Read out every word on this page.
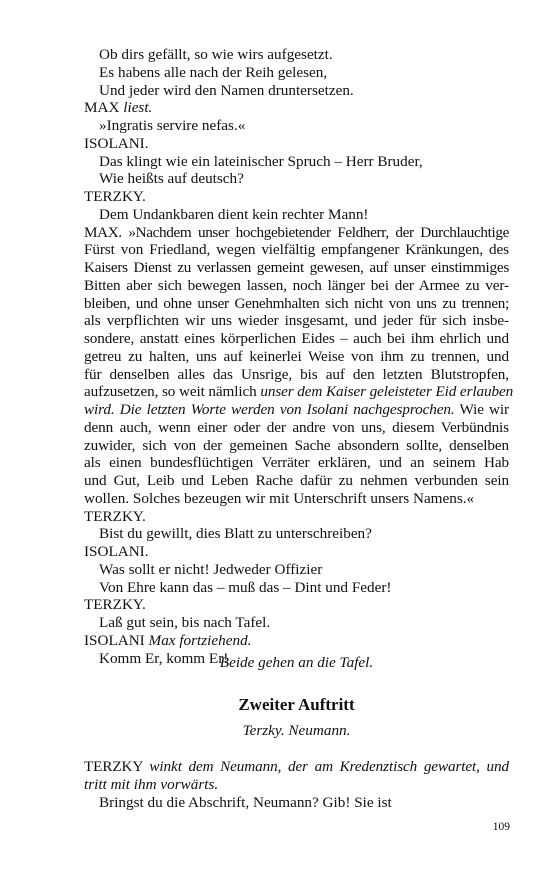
Ob dirs gefällt, so wie wirs aufgesetzt.
Es habens alle nach der Reih gelesen,
Und jeder wird den Namen druntersetzen.
MAX liest.
»Ingratis servire nefas.«
ISOLANI.
Das klingt wie ein lateinischer Spruch – Herr Bruder,
Wie heißts auf deutsch?
TERZKY.
Dem Undankbaren dient kein rechter Mann!
MAX. »Nachdem unser hochgebietender Feldherr, der Durchlauchtige
Fürst von Friedland, wegen vielfältig empfangener Kränkungen, des
Kaisers Dienst zu verlassen gemeint gewesen, auf unser einstimmiges
Bitten aber sich bewegen lassen, noch länger bei der Armee zu ver-
bleiben, und ohne unser Genehmhalten sich nicht von uns zu trennen;
als verpflichten wir uns wieder insgesamt, und jeder für sich insbe-
sondere, anstatt eines körperlichen Eides – auch bei ihm ehrlich und
getreu zu halten, uns auf keinerlei Weise von ihm zu trennen, und
für denselben alles das Unsrige, bis auf den letzten Blutstropfen,
aufzusetzen, so weit nämlich unser dem Kaiser geleisteter Eid erlauben
wird. Die letzten Worte werden von Isolani nachgesprochen. Wie wir
denn auch, wenn einer oder der andre von uns, diesem Verbündnis
zuwider, sich von der gemeinen Sache absondern sollte, denselben
als einen bundesflüchtigen Verräter erklären, und an seinem Hab
und Gut, Leib und Leben Rache dafür zu nehmen verbunden sein
wollen. Solches bezeugen wir mit Unterschrift unsers Namens.«
TERZKY.
Bist du gewillt, dies Blatt zu unterschreiben?
ISOLANI.
Was sollt er nicht! Jedweder Offizier
Von Ehre kann das – muß das – Dint und Feder!
TERZKY.
Laß gut sein, bis nach Tafel.
ISOLANI Max fortziehend.
Komm Er, komm Er!
Beide gehen an die Tafel.
Zweiter Auftritt
Terzky. Neumann.
TERZKY winkt dem Neumann, der am Kredenztisch gewartet, und
tritt mit ihm vorwärts.
Bringst du die Abschrift, Neumann? Gib! Sie ist
109
